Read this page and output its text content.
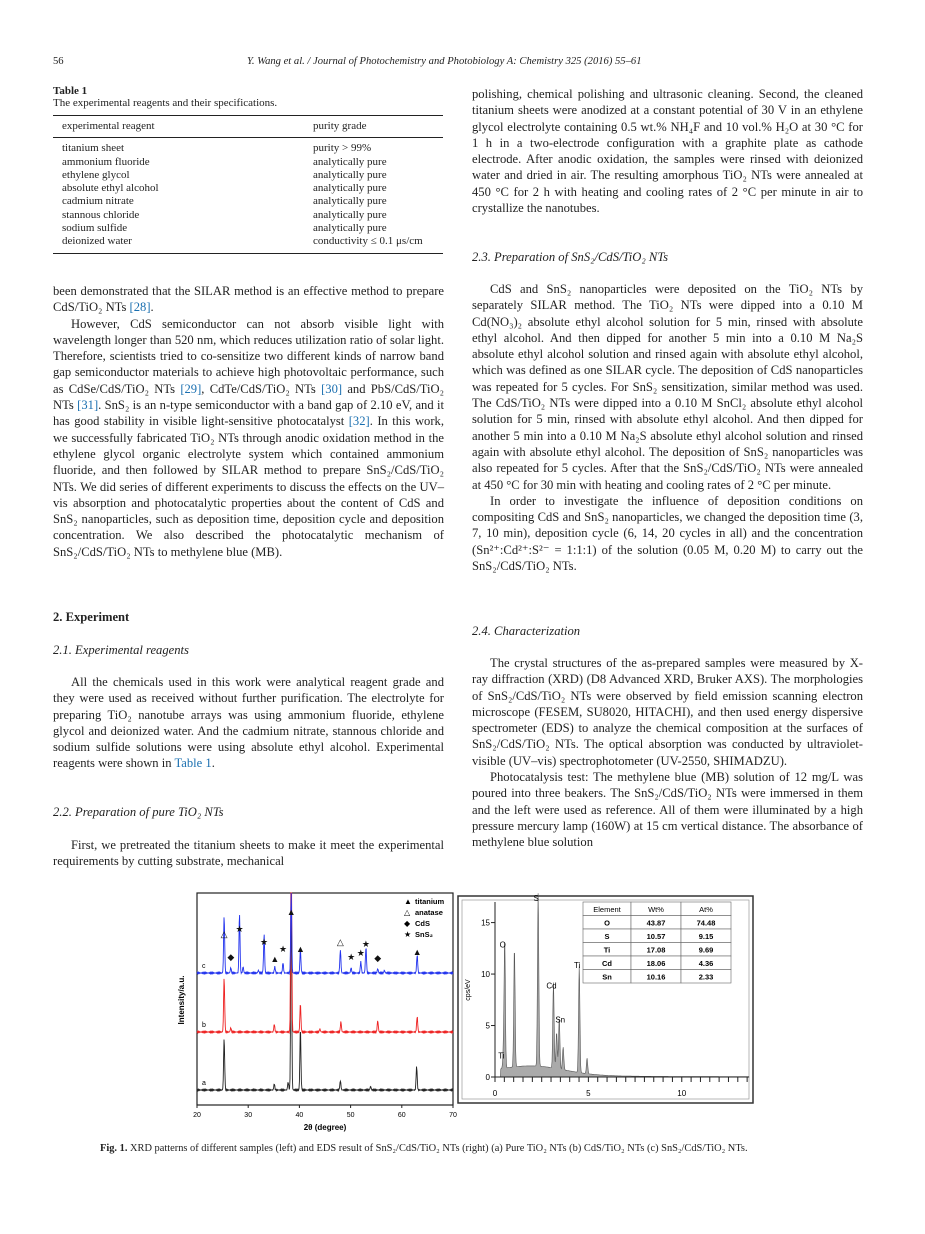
56	Y. Wang et al. / Journal of Photochemistry and Photobiology A: Chemistry 325 (2016) 55–61
Table 1
The experimental reagents and their specifications.
experimental reagent	purity grade
titanium sheet	purity > 99%
ammonium fluoride	analytically pure
ethylene glycol	analytically pure
absolute ethyl alcohol	analytically pure
cadmium nitrate	analytically pure
stannous chloride	analytically pure
sodium sulfide	analytically pure
deionized water	conductivity ≤ 0.1 μs/cm

been demonstrated that the SILAR method is an effective method to prepare CdS/TiO₂ NTs [28].

However, CdS semiconductor can not absorb visible light with wavelength longer than 520 nm, which reduces utilization ratio of solar light. Therefore, scientists tried to co-sensitize two different kinds of narrow band gap semiconductor materials to achieve high photovoltaic performance, such as CdSe/CdS/TiO₂ NTs [29], CdTe/CdS/TiO₂ NTs [30] and PbS/CdS/TiO₂ NTs [31]. SnS₂ is an n-type semiconductor with a band gap of 2.10 eV, and it has good stability in visible light-sensitive photocatalyst [32]. In this work, we successfully fabricated TiO₂ NTs through anodic oxidation method in the ethylene glycol organic electrolyte system which contained ammonium fluoride, and then followed by SILAR method to prepare SnS₂/CdS/TiO₂ NTs. We did series of different experiments to discuss the effects on the UV–vis absorption and photocatalytic properties about the content of CdS and SnS₂ nanoparticles, such as deposition time, deposition cycle and deposition concentration. We also described the photocatalytic mechanism of SnS₂/CdS/TiO₂ NTs to methylene blue (MB).

2. Experiment
2.1. Experimental reagents

All the chemicals used in this work were analytical reagent grade and they were used as received without further purification. The electrolyte for preparing TiO₂ nanotube arrays was using ammonium fluoride, ethylene glycol and deionized water. And the cadmium nitrate, stannous chloride and sodium sulfide solutions were using absolute ethyl alcohol. Experimental reagents were shown in Table 1.

2.2. Preparation of pure TiO₂ NTs

First, we pretreated the titanium sheets to make it meet the experimental requirements by cutting substrate, mechanical

polishing, chemical polishing and ultrasonic cleaning. Second, the cleaned titanium sheets were anodized at a constant potential of 30 V in an ethylene glycol electrolyte containing 0.5 wt.% NH₄F and 10 vol.% H₂O at 30 °C for 1 h in a two-electrode configuration with a graphite plate as cathode electrode. After anodic oxidation, the samples were rinsed with deionized water and dried in air. The resulting amorphous TiO₂ NTs were annealed at 450 °C for 2 h with heating and cooling rates of 2 °C per minute in air to crystallize the nanotubes.

2.3. Preparation of SnS₂/CdS/TiO₂ NTs

CdS and SnS₂ nanoparticles were deposited on the TiO₂ NTs by separately SILAR method. The TiO₂ NTs were dipped into a 0.10 M Cd(NO₃)₂ absolute ethyl alcohol solution for 5 min, rinsed with absolute ethyl alcohol. And then dipped for another 5 min into a 0.10 M Na₂S absolute ethyl alcohol solution and rinsed again with absolute ethyl alcohol, which was defined as one SILAR cycle. The deposition of CdS nanoparticles was repeated for 5 cycles. For SnS₂ sensitization, similar method was used. The CdS/TiO₂ NTs were dipped into a 0.10 M SnCl₂ absolute ethyl alcohol solution for 5 min, rinsed with absolute ethyl alcohol. And then dipped for another 5 min into a 0.10 M Na₂S absolute ethyl alcohol solution and rinsed again with absolute ethyl alcohol. The deposition of SnS₂ nanoparticles was also repeated for 5 cycles. After that the SnS₂/CdS/TiO₂ NTs were annealed at 450 °C for 30 min with heating and cooling rates of 2 °C per minute.

In order to investigate the influence of deposition conditions on compositing CdS and SnS₂ nanoparticles, we changed the deposition time (3, 7, 10 min), deposition cycle (6, 14, 20 cycles in all) and the concentration (Sn²⁺:Cd²⁺:S²⁻ = 1:1:1) of the solution (0.05 M, 0.20 M) to carry out the SnS₂/CdS/TiO₂ NTs.

2.4. Characterization

The crystal structures of the as-prepared samples were measured by X-ray diffraction (XRD) (D8 Advanced XRD, Bruker AXS). The morphologies of SnS₂/CdS/TiO₂ NTs were observed by field emission scanning electron microscope (FESEM, SU8020, HITACHI), and then used energy dispersive spectrometer (EDS) to analyze the chemical composition at the surfaces of SnS₂/CdS/TiO₂ NTs. The optical absorption was conducted by ultraviolet-visible (UV–vis) spectrophotometer (UV-2550, SHIMADZU).

Photocatalysis test: The methylene blue (MB) solution of 12 mg/L was poured into three beakers. The SnS₂/CdS/TiO₂ NTs were immersed in them and the left were used as reference. All of them were illuminated by a high pressure mercury lamp (160W) at 15 cm vertical distance. The absorbance of methylene blue solution

20	30	40	50	60	70
2θ (degree)
Intensity/a.u.
a
b
c
△
◆
★
★
▲
★
▲
▲
△
★ ★
★
◆
▲
▲ titanium
△ anatase
◆ CdS
★ SnS₂
0	5	10
0
5
10
15
cps/eV
Ti
O
S
Cd
Sn
Ti
Element	Wt%	At%
O	43.87	74.48
S	10.57	9.15
Ti	17.08	9.69
Cd	18.06	4.36
Sn	10.16	2.33
Fig. 1. XRD patterns of different samples (left) and EDS result of SnS₂/CdS/TiO₂ NTs (right) (a) Pure TiO₂ NTs (b) CdS/TiO₂ NTs (c) SnS₂/CdS/TiO₂ NTs.
